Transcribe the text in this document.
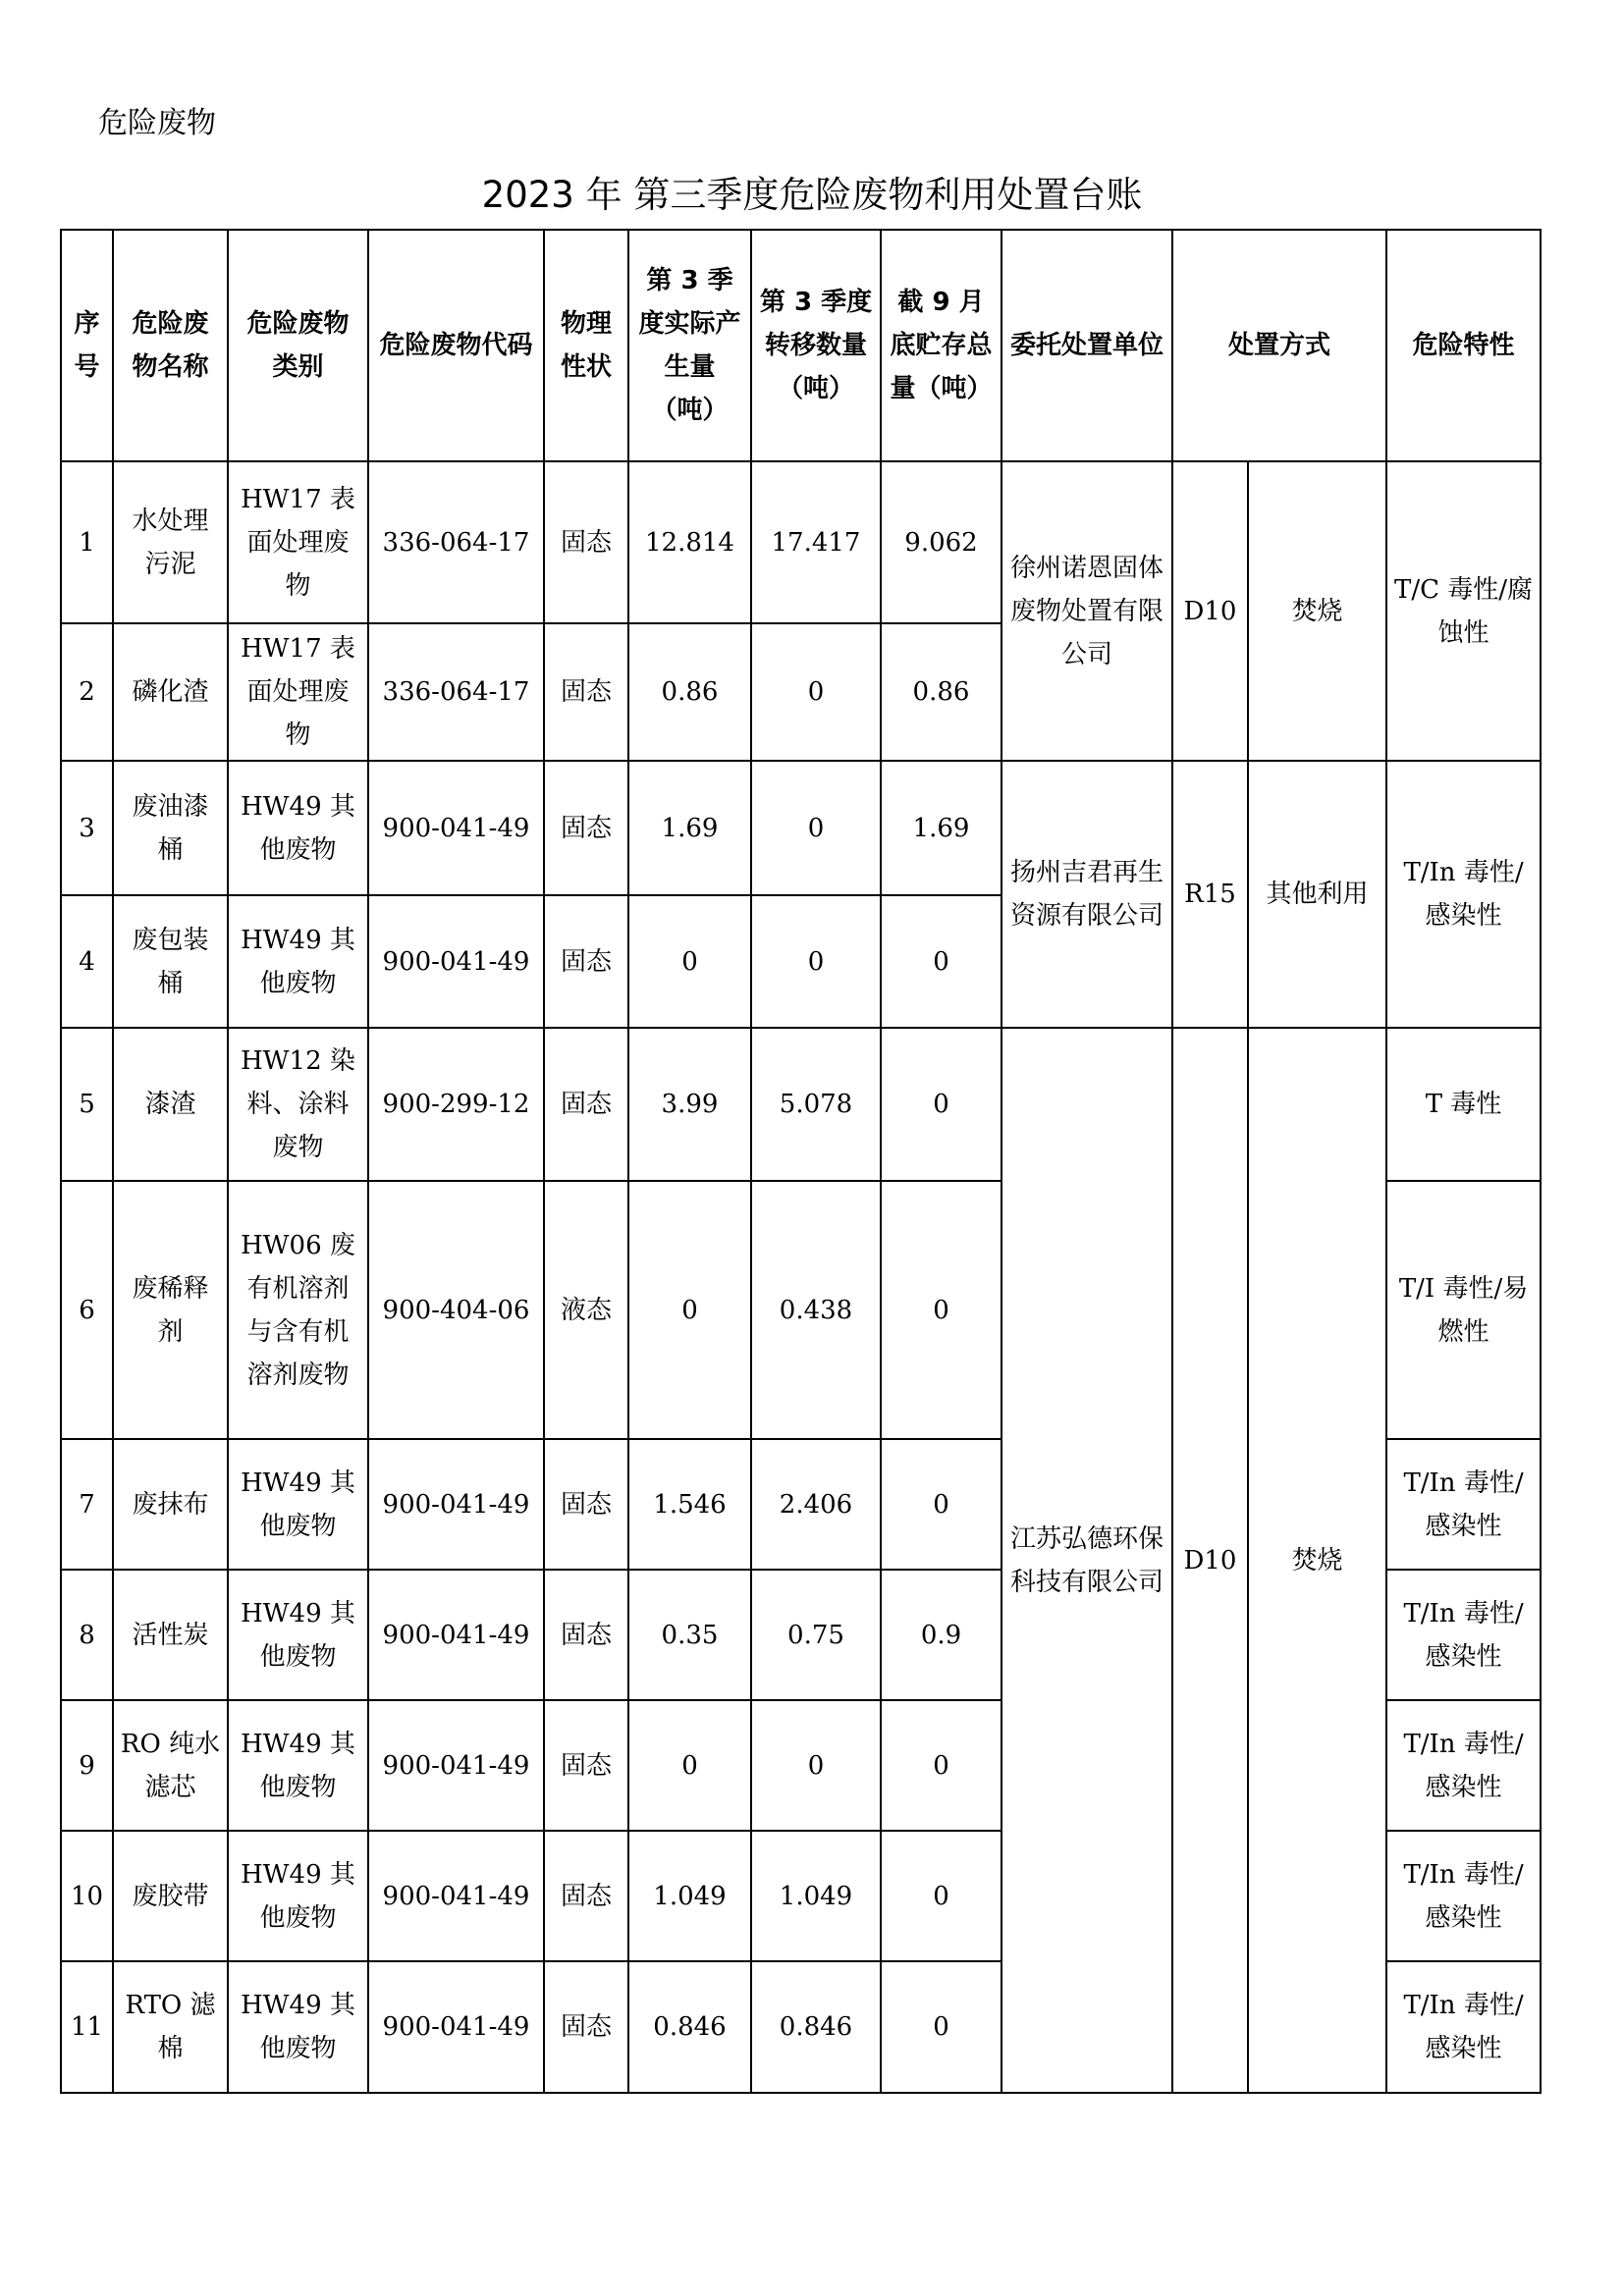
危险废物
2023 年 第三季度危险废物利用处置台账
序号	危险废物名称	危险废物类别	危险废物代码	物理性状	第 3 季度实际产生量（吨）	第 3 季度转移数量（吨）	截 9 月底贮存总量（吨）	委托处置单位	处置方式		危险特性
1	水处理污泥	HW17 表面处理废物	336-064-17	固态	12.814	17.417	9.062	徐州诺恩固体废物处置有限公司	D10	焚烧	T/C 毒性/腐蚀性
2	磷化渣	HW17 表面处理废物	336-064-17	固态	0.86	0	0.86				
3	废油漆桶	HW49 其他废物	900-041-49	固态	1.69	0	1.69	扬州吉君再生资源有限公司	R15	其他利用	T/In 毒性/感染性
4	废包装桶	HW49 其他废物	900-041-49	固态	0	0	0				
5	漆渣	HW12 染料、涂料废物	900-299-12	固态	3.99	5.078	0	江苏弘德环保科技有限公司	D10	焚烧	T 毒性
6	废稀释剂	HW06 废有机溶剂与含有机溶剂废物	900-404-06	液态	0	0.438	0				T/I 毒性/易燃性
7	废抹布	HW49 其他废物	900-041-49	固态	1.546	2.406	0				T/In 毒性/感染性
8	活性炭	HW49 其他废物	900-041-49	固态	0.35	0.75	0.9				T/In 毒性/感染性
9	RO 纯水滤芯	HW49 其他废物	900-041-49	固态	0	0	0				T/In 毒性/感染性
10	废胶带	HW49 其他废物	900-041-49	固态	1.049	1.049	0				T/In 毒性/感染性
11	RTO 滤棉	HW49 其他废物	900-041-49	固态	0.846	0.846	0				T/In 毒性/感染性
